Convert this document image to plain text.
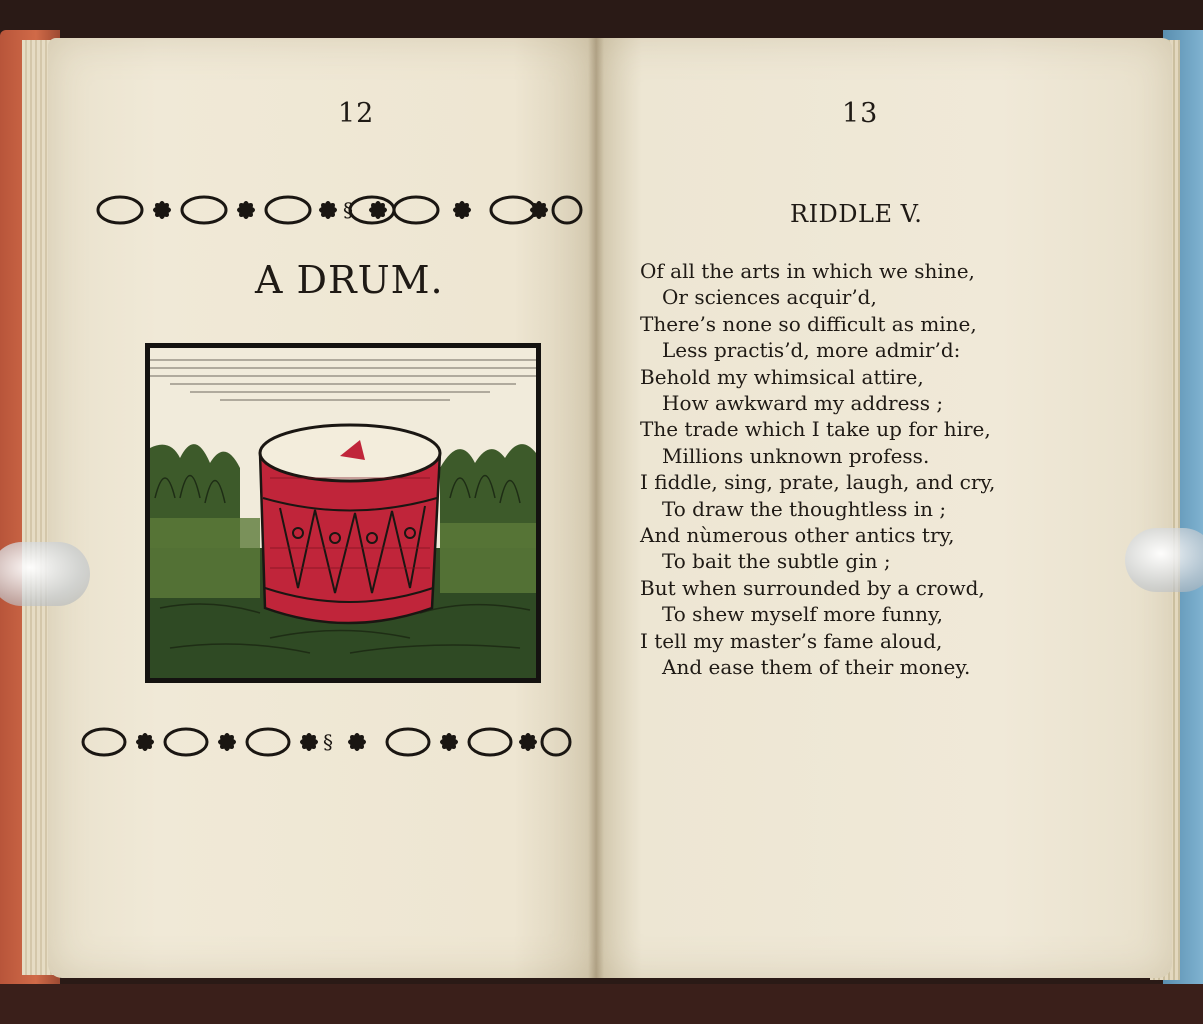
12
§
A DRUM.
§
13
RIDDLE V.
Of all the arts in which we shine,
Or sciences acquir’d,
There’s none so difficult as mine,
Less practis’d, more admir’d:
Behold my whimsical attire,
How awkward my address ;
The trade which I take up for hire,
Millions unknown profess.
I fiddle, sing, prate, laugh, and cry,
To draw the thoughtless in ;
And nùmerous other antics try,
To bait the subtle gin ;
But when surrounded by a crowd,
To shew myself more funny,
I tell my master’s fame aloud,
And ease them of their money.
